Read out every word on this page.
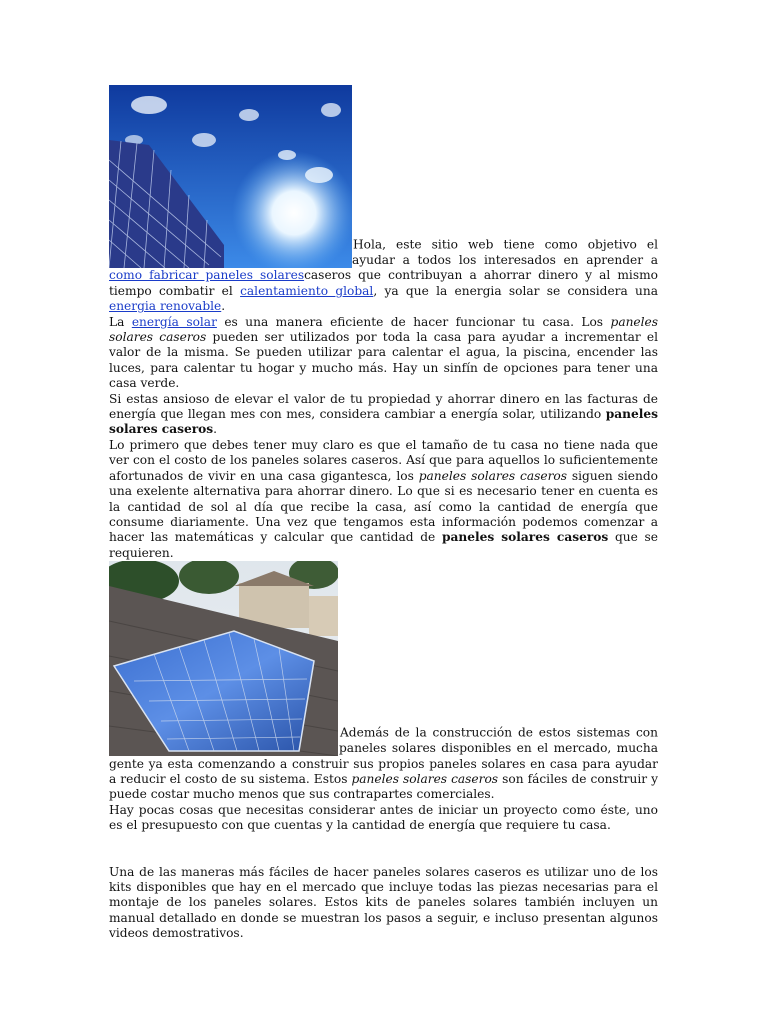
Hola, este sitio web tiene como objetivo el ayudar a todos los interesados en aprender a como fabricar paneles solarescaseros que contribuyan a ahorrar dinero y al mismo tiempo combatir el calentamiento global, ya que la energia solar se considera una energia renovable.

La energía solar es una manera eficiente de hacer funcionar tu casa. Los paneles solares caseros pueden ser utilizados por toda la casa para ayudar a incrementar el valor de la misma. Se pueden utilizar para calentar el agua, la piscina, encender las luces, para calentar tu hogar y mucho más. Hay un sinfín de opciones para tener una casa verde.

Si estas ansioso de elevar el valor de tu propiedad y ahorrar dinero en las facturas de energía que llegan mes con mes, considera cambiar a energía solar, utilizando paneles solares caseros.

Lo primero que debes tener muy claro es que el tamaño de tu casa no tiene nada que ver con el costo de los paneles solares caseros. Así que para aquellos lo suficientemente afortunados de vivir en una casa gigantesca, los paneles solares caseros siguen siendo una exelente alternativa para ahorrar dinero. Lo que si es necesario tener en cuenta es la cantidad de sol al día que recibe la casa, así como la cantidad de energía que consume diariamente. Una vez que tengamos esta información podemos comenzar a hacer las matemáticas y calcular que cantidad de paneles solares caseros que se requieren.

Además de la construcción de estos sistemas con paneles solares disponibles en el mercado, mucha gente ya esta comenzando a construir sus propios paneles solares en casa para ayudar a reducir el costo de su sistema. Estos paneles solares caseros son fáciles de construir y puede costar mucho menos que sus contrapartes comerciales.

Hay pocas cosas que necesitas considerar antes de iniciar un proyecto como éste, uno es el presupuesto con que cuentas y la cantidad de energía que requiere tu casa.

Una de las maneras más fáciles de hacer paneles solares caseros es utilizar uno de los kits disponibles que hay en el mercado que incluye todas las piezas necesarias para el montaje de los paneles solares. Estos kits de paneles solares también incluyen un manual detallado en donde se muestran los pasos a seguir, e incluso presentan algunos videos demostrativos.
